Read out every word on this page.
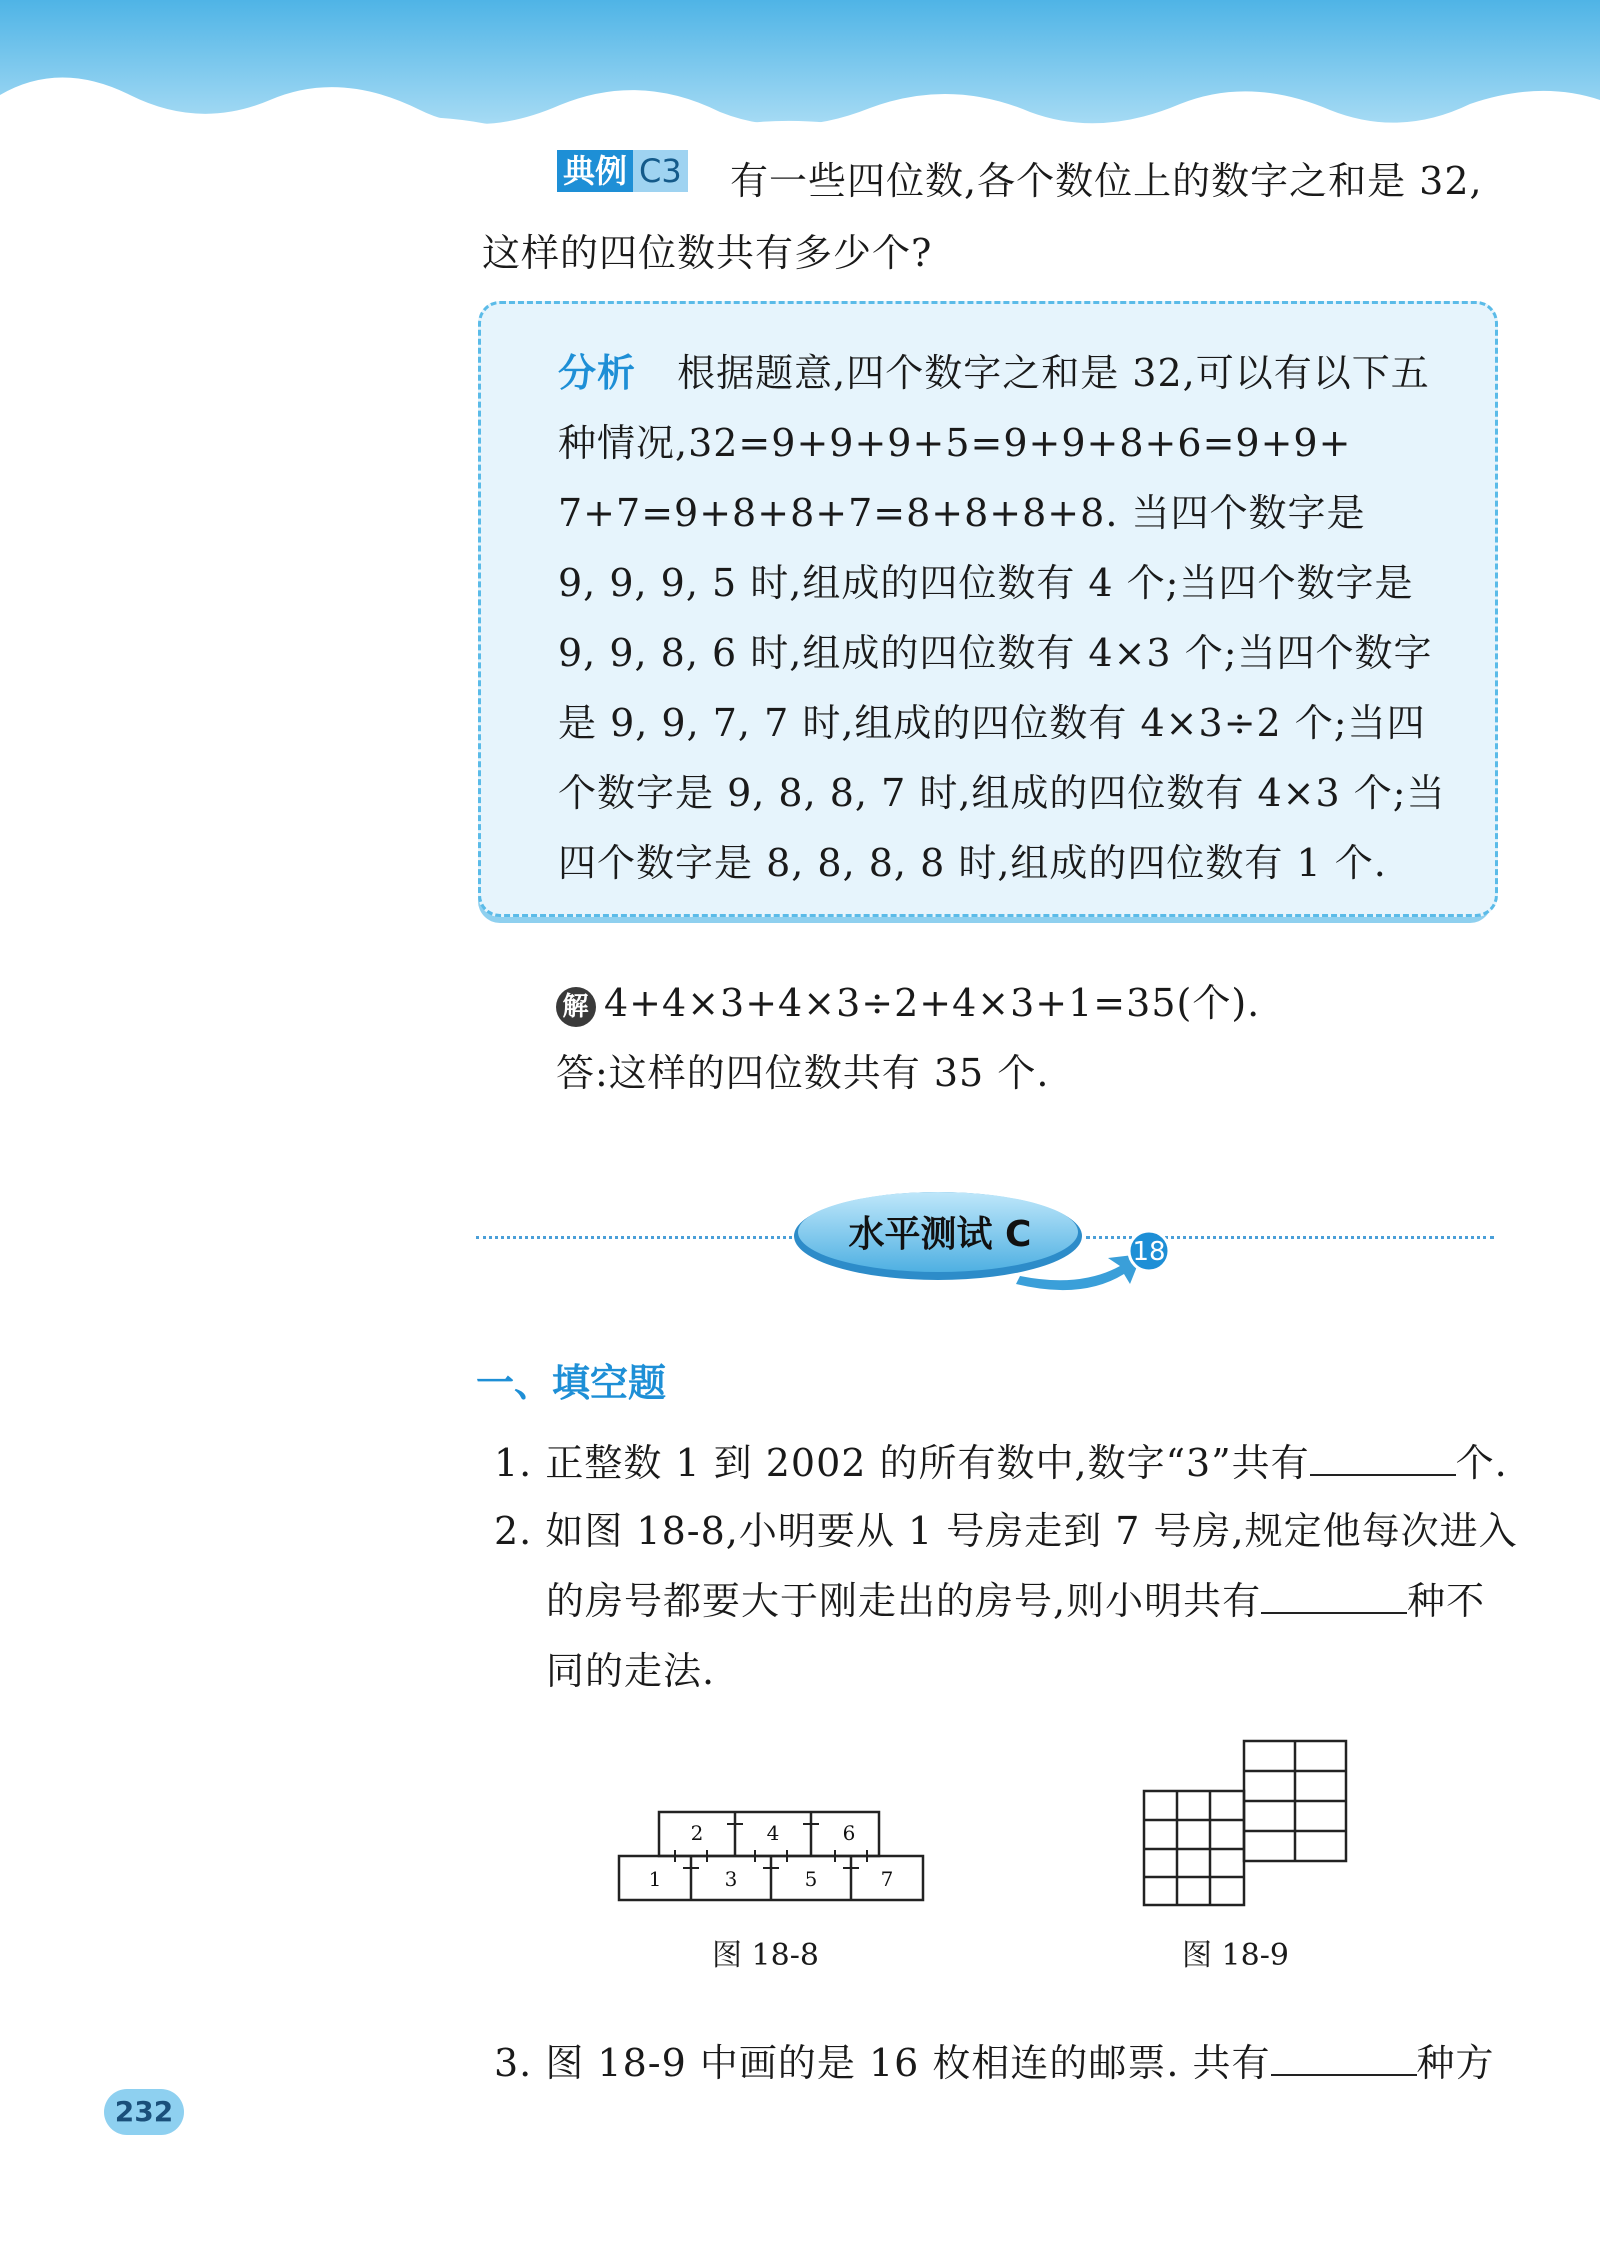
典例 C3 有一些四位数,各个数位上的数字之和是 32,
这样的四位数共有多少个?
分析 根据题意,四个数字之和是 32,可以有以下五
种情况,32=9+9+9+5=9+9+8+6=9+9+
7+7=9+8+8+7=8+8+8+8. 当四个数字是
9, 9, 9, 5 时,组成的四位数有 4 个;当四个数字是
9, 9, 8, 6 时,组成的四位数有 4×3 个;当四个数字
是 9, 9, 7, 7 时,组成的四位数有 4×3÷2 个;当四
个数字是 9, 8, 8, 7 时,组成的四位数有 4×3 个;当
四个数字是 8, 8, 8, 8 时,组成的四位数有 1 个.
解 4+4×3+4×3÷2+4×3+1=35(个).
答:这样的四位数共有 35 个.
水平测试 C	18
一、填空题
1. 正整数 1 到 2002 的所有数中,数字“3”共有	个.
2. 如图 18-8,小明要从 1 号房走到 7 号房,规定他每次进入
的房号都要大于刚走出的房号,则小明共有	种不
同的走法.
2	4	6
1	3	5	7
图 18-8	图 18-9
3. 图 18-9 中画的是 16 枚相连的邮票. 共有	种方
232
